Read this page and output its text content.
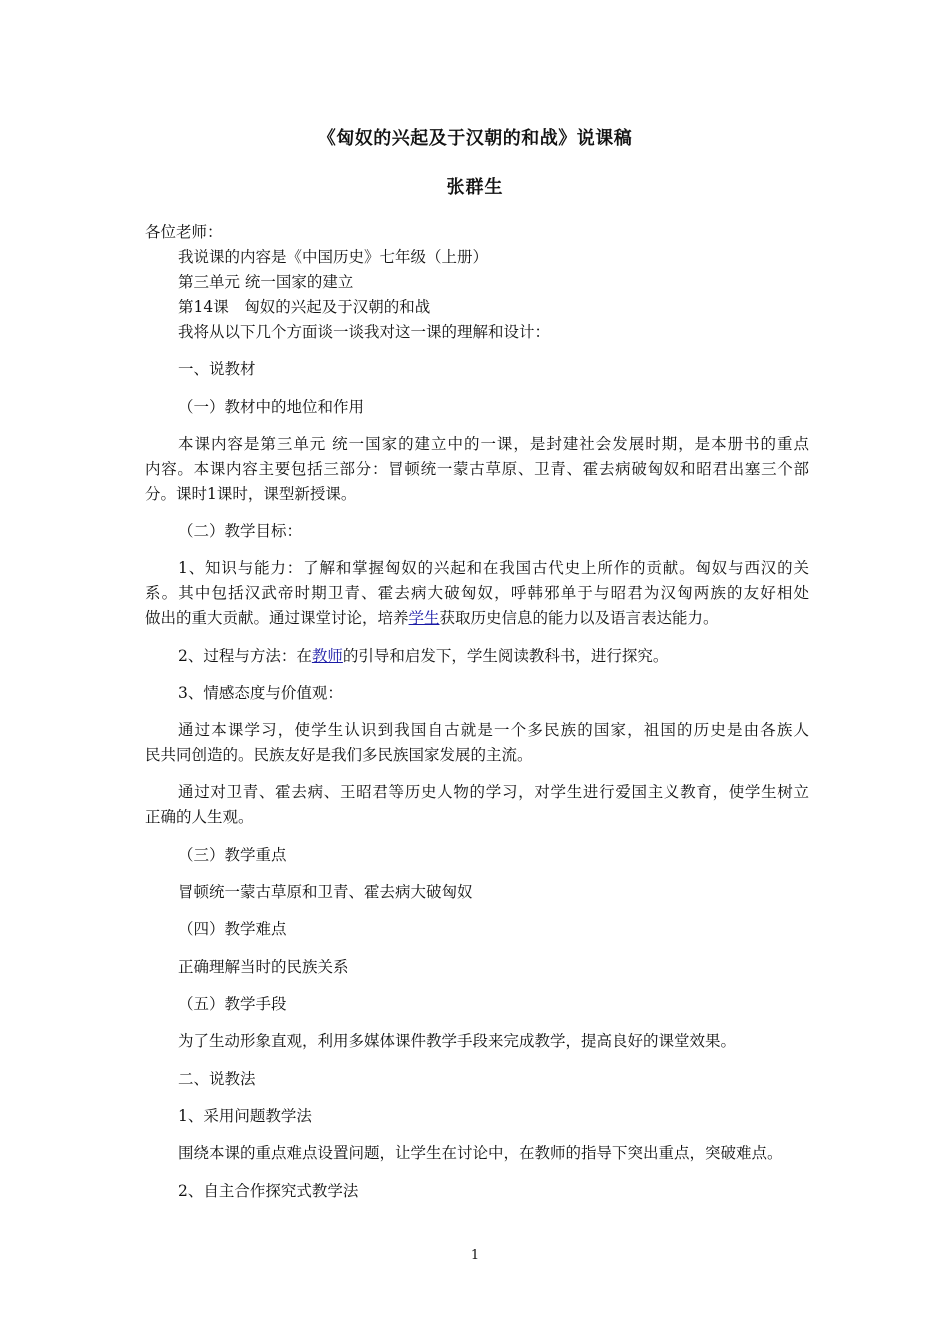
《匈奴的兴起及于汉朝的和战》说课稿
张群生
各位老师：
我说课的内容是《中国历史》七年级（上册）
第三单元 统一国家的建立
第14课　匈奴的兴起及于汉朝的和战
我将从以下几个方面谈一谈我对这一课的理解和设计：
一、说教材
（一）教材中的地位和作用
本课内容是第三单元 统一国家的建立中的一课，是封建社会发展时期，是本册书的重点
内容。本课内容主要包括三部分：冒顿统一蒙古草原、卫青、霍去病破匈奴和昭君出塞三个部
分。课时1课时，课型新授课。
（二）教学目标：
1、知识与能力：了解和掌握匈奴的兴起和在我国古代史上所作的贡献。匈奴与西汉的关
系。其中包括汉武帝时期卫青、霍去病大破匈奴，呼韩邪单于与昭君为汉匈两族的友好相处
做出的重大贡献。通过课堂讨论，培养学生获取历史信息的能力以及语言表达能力。
2、过程与方法：在教师的引导和启发下，学生阅读教科书，进行探究。
3、情感态度与价值观：
通过本课学习，使学生认识到我国自古就是一个多民族的国家，祖国的历史是由各族人
民共同创造的。民族友好是我们多民族国家发展的主流。
通过对卫青、霍去病、王昭君等历史人物的学习，对学生进行爱国主义教育，使学生树立
正确的人生观。
（三）教学重点
冒顿统一蒙古草原和卫青、霍去病大破匈奴
（四）教学难点
正确理解当时的民族关系
（五）教学手段
为了生动形象直观，利用多媒体课件教学手段来完成教学，提高良好的课堂效果。
二、说教法
1、采用问题教学法
围绕本课的重点难点设置问题，让学生在讨论中，在教师的指导下突出重点，突破难点。
2、自主合作探究式教学法
1
